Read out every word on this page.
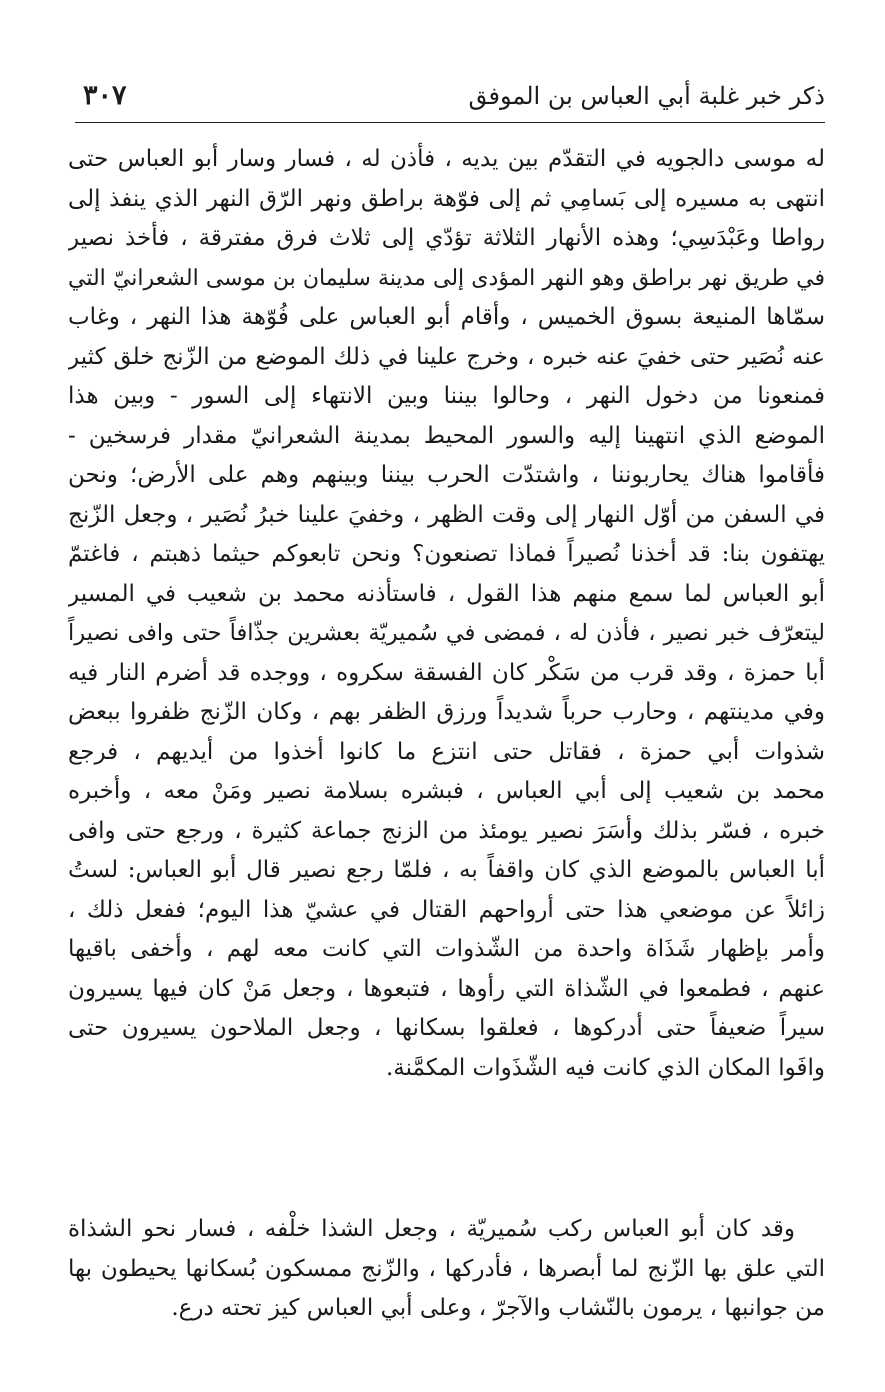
ذكر خبر غلبة أبي العباس بن الموفق
٣٠٧
له موسى دالجويه في التقدّم بين يديه ، فأذن له ، فسار وسار أبو العباس حتى
انتهى به مسيره إلى بَسامِي ثم إلى فوّهة براطق ونهر الرّق النهر الذي ينفذ إلى
رواطا وعَبْدَسِي؛ وهذه الأنهار الثلاثة تؤدّي إلى ثلاث فرق مفترقة ، فأخذ نصير
في طريق نهر براطق وهو النهر المؤدى إلى مدينة سليمان بن موسى الشعرانيّ التي
سمّاها المنيعة بسوق الخميس ، وأقام أبو العباس على فُوّهة هذا النهر ، وغاب
عنه نُصَير حتى خفيَ عنه خبره ، وخرج علينا في ذلك الموضع من الزّنج خلق كثير
فمنعونا من دخول النهر ، وحالوا بيننا وبين الانتهاء إلى السور - وبين هذا
الموضع الذي انتهينا إليه والسور المحيط بمدينة الشعرانيّ مقدار فرسخين -
فأقاموا هناك يحاربوننا ، واشتدّت الحرب بيننا وبينهم وهم على الأرض؛ ونحن
في السفن من أوّل النهار إلى وقت الظهر ، وخفيَ علينا خبرُ نُصَير ، وجعل الزّنج
يهتفون بنا: قد أخذنا نُصيراً فماذا تصنعون؟ ونحن تابعوكم حيثما ذهبتم ، فاغتمّ
أبو العباس لما سمع منهم هذا القول ، فاستأذنه محمد بن شعيب في المسير
ليتعرّف خبر نصير ، فأذن له ، فمضى في سُميريّة بعشرين جذّافاً حتى وافى نصيراً
أبا حمزة ، وقد قرب من سَكْر كان الفسقة سكروه ، ووجده قد أضرم النار فيه
وفي مدينتهم ، وحارب حرباً شديداً ورزق الظفر بهم ، وكان الزّنج ظفروا ببعض
شذوات أبي حمزة ، فقاتل حتى انتزع ما كانوا أخذوا من أيديهم ، فرجع
محمد بن شعيب إلى أبي العباس ، فبشره بسلامة نصير ومَنْ معه ، وأخبره
خبره ، فسّر بذلك وأسَرَ نصير يومئذ من الزنج جماعة كثيرة ، ورجع حتى وافى
أبا العباس بالموضع الذي كان واقفاً به ، فلمّا رجع نصير قال أبو العباس: لستُ
زائلاً عن موضعي هذا حتى أرواحهم القتال في عشيّ هذا اليوم؛ ففعل ذلك ،
وأمر بإظهار شَذَاة واحدة من الشّذوات التي كانت معه لهم ، وأخفى باقيها
عنهم ، فطمعوا في الشّذاة التي رأوها ، فتبعوها ، وجعل مَنْ كان فيها يسيرون
سيراً ضعيفاً حتى أدركوها ، فعلقوا بسكانها ، وجعل الملاحون يسيرون حتى
وافَوا المكان الذي كانت فيه الشّذَوات المكمَّنة.
وقد كان أبو العباس ركب سُميريّة ، وجعل الشذا خلْفه ، فسار نحو الشذاة
التي علق بها الزّنج لما أبصرها ، فأدركها ، والزّنج ممسكون بُسكانها يحيطون بها
من جوانبها ، يرمون بالنّشاب والآجرّ ، وعلى أبي العباس كيز تحته درع.
